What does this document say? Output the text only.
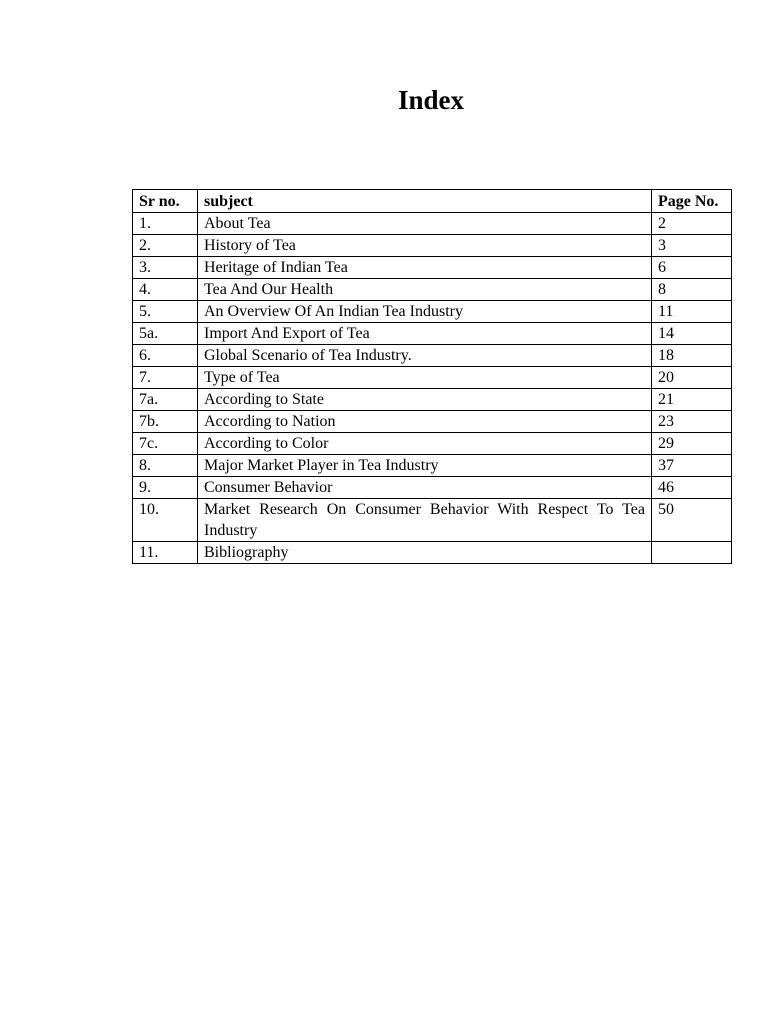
Index
Sr no.	subject	Page No.
1.	About Tea	2
2.	History of Tea	3
3.	Heritage of Indian Tea	6
4.	Tea And Our Health	8
5.	An Overview Of An Indian Tea Industry	11
5a.	Import And Export of Tea	14
6.	Global Scenario of Tea Industry.	18
7.	Type of Tea	20
7a.	According to State	21
7b.	According to Nation	23
7c.	According to Color	29
8.	Major Market Player in Tea Industry	37
9.	Consumer Behavior	46
10.	Market Research On Consumer Behavior With Respect To Tea Industry	50
11.	Bibliography	
